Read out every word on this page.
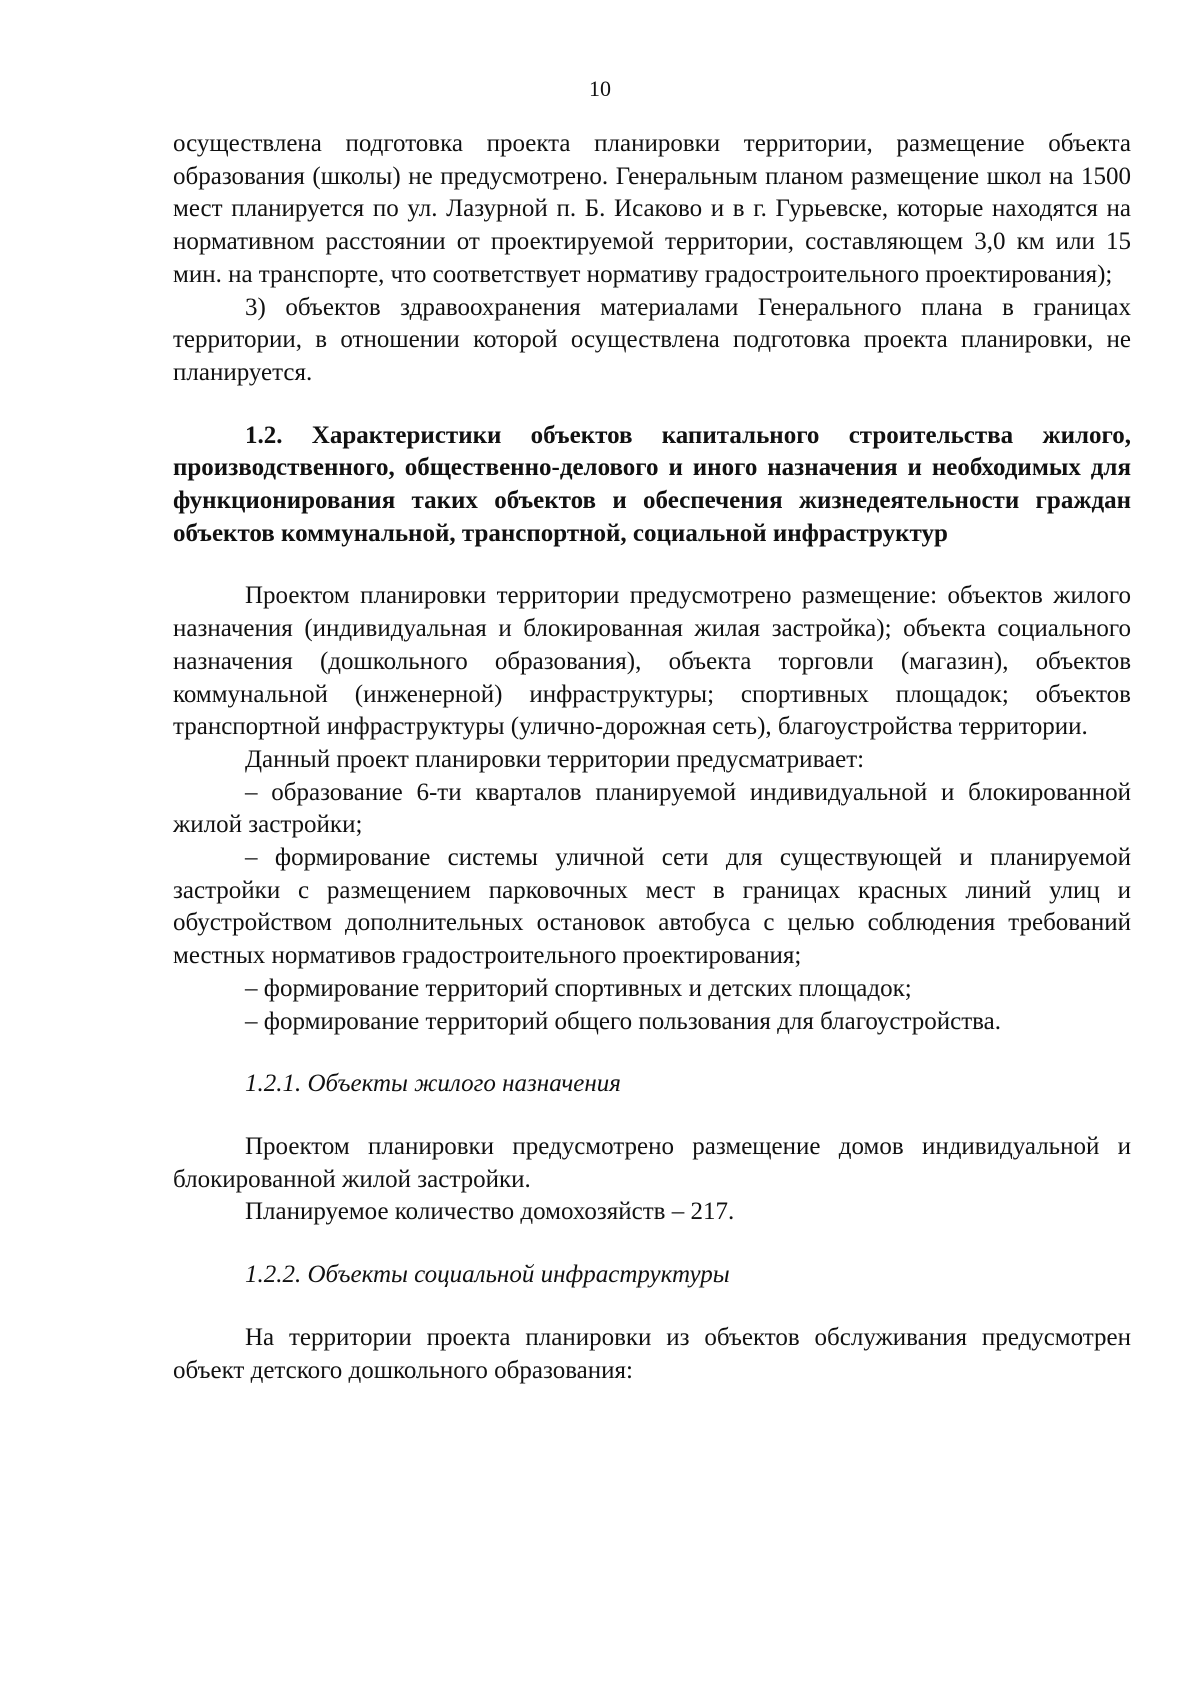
10

осуществлена подготовка проекта планировки территории, размещение объекта образования (школы) не предусмотрено. Генеральным планом размещение школ на 1500 мест планируется по ул. Лазурной п. Б. Исаково и в г. Гурьевске, которые находятся на нормативном расстоянии от проектируемой территории, составляющем 3,0 км или 15 мин. на транспорте, что соответствует нормативу градостроительного проектирования);

3) объектов здравоохранения материалами Генерального плана в границах территории, в отношении которой осуществлена подготовка проекта планировки, не планируется.

1.2. Характеристики объектов капитального строительства жилого, производственного, общественно-делового и иного назначения и необходимых для функционирования таких объектов и обеспечения жизнедеятельности граждан объектов коммунальной, транспортной, социальной инфраструктур

Проектом планировки территории предусмотрено размещение: объектов жилого назначения (индивидуальная и блокированная жилая застройка); объекта социального назначения (дошкольного образования), объекта торговли (магазин), объектов коммунальной (инженерной) инфраструктуры; спортивных площадок; объектов транспортной инфраструктуры (улично-дорожная сеть), благоустройства территории.

Данный проект планировки территории предусматривает:

– образование 6-ти кварталов планируемой индивидуальной и блокированной жилой застройки;

– формирование системы уличной сети для существующей и планируемой застройки с размещением парковочных мест в границах красных линий улиц и обустройством дополнительных остановок автобуса с целью соблюдения требований местных нормативов градостроительного проектирования;

– формирование территорий спортивных и детских площадок;

– формирование территорий общего пользования для благоустройства.

1.2.1. Объекты жилого назначения

Проектом планировки предусмотрено размещение домов индивидуальной и блокированной жилой застройки.

Планируемое количество домохозяйств – 217.

1.2.2. Объекты социальной инфраструктуры

На территории проекта планировки из объектов обслуживания предусмотрен объект детского дошкольного образования:
